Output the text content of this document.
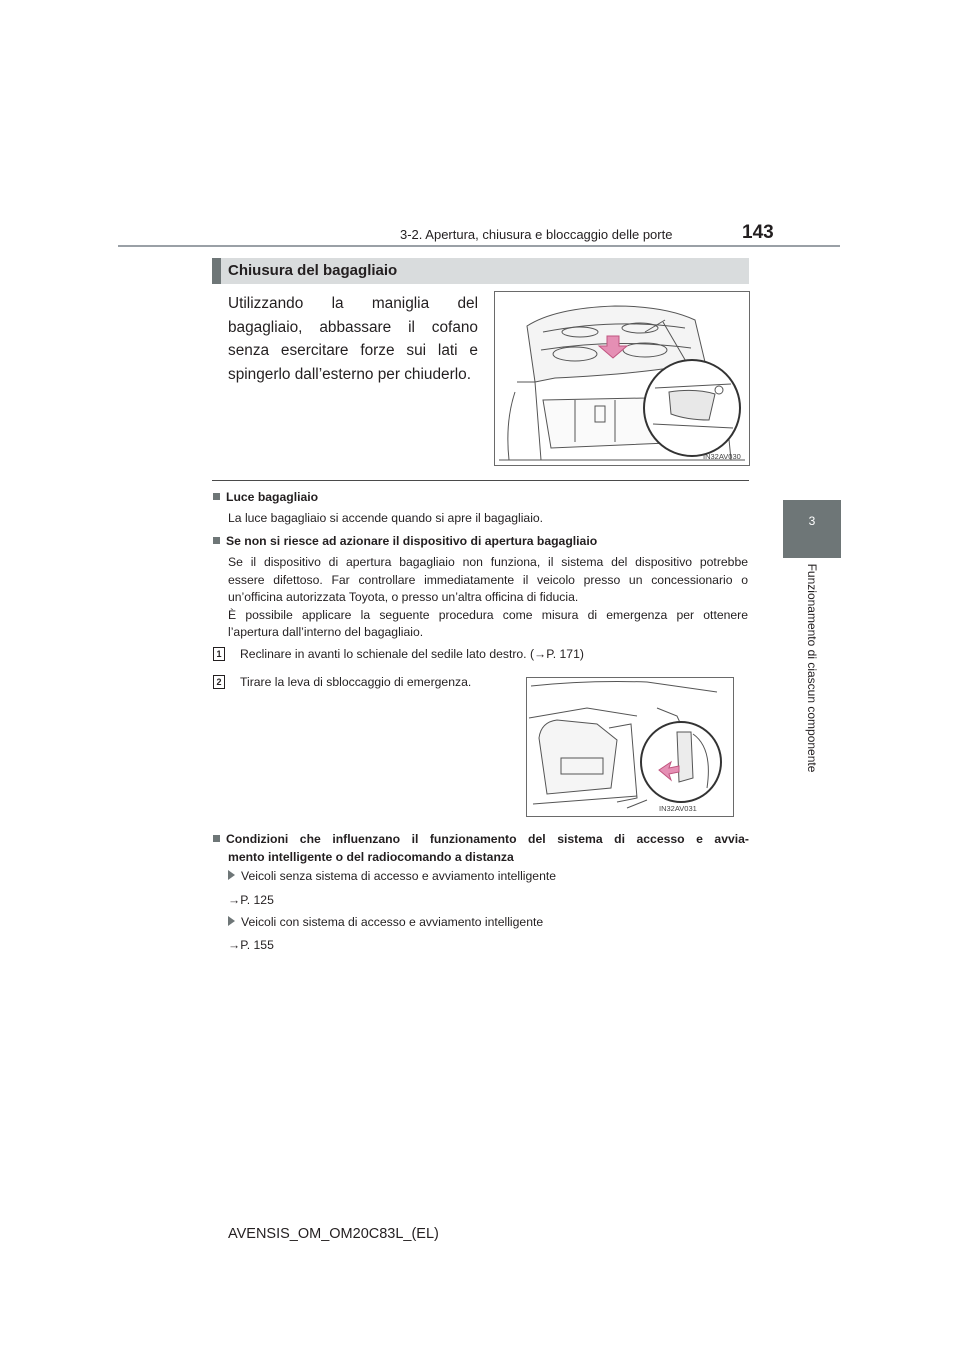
3-2. Apertura, chiusura e bloccaggio delle porte	143
3
Funzionamento di ciascun componente
Chiusura del bagagliaio
Utilizzando la maniglia del bagagliaio, abbassare il cofano senza esercitare forze sui lati e spingerlo dall’esterno per chiuderlo.
IN32AV030
Luce bagagliaio
La luce bagagliaio si accende quando si apre il bagagliaio.
Se non si riesce ad azionare il dispositivo di apertura bagagliaio
Se il dispositivo di apertura bagagliaio non funziona, il sistema del dispositivo potrebbe
essere difettoso. Far controllare immediatamente il veicolo presso un concessionario o
un’officina autorizzata Toyota, o presso un’altra officina di fiducia.
È possibile applicare la seguente procedura come misura di emergenza per ottenere
l’apertura dall’interno del bagagliaio.
1 Reclinare in avanti lo schienale del sedile lato destro. (→P. 171)
2 Tirare la leva di sbloccaggio di emergenza.
IN32AV031
Condizioni che influenzano il funzionamento del sistema di accesso e avvia-
mento intelligente o del radiocomando a distanza
Veicoli senza sistema di accesso e avviamento intelligente
→P. 125
Veicoli con sistema di accesso e avviamento intelligente
→P. 155
AVENSIS_OM_OM20C83L_(EL)
